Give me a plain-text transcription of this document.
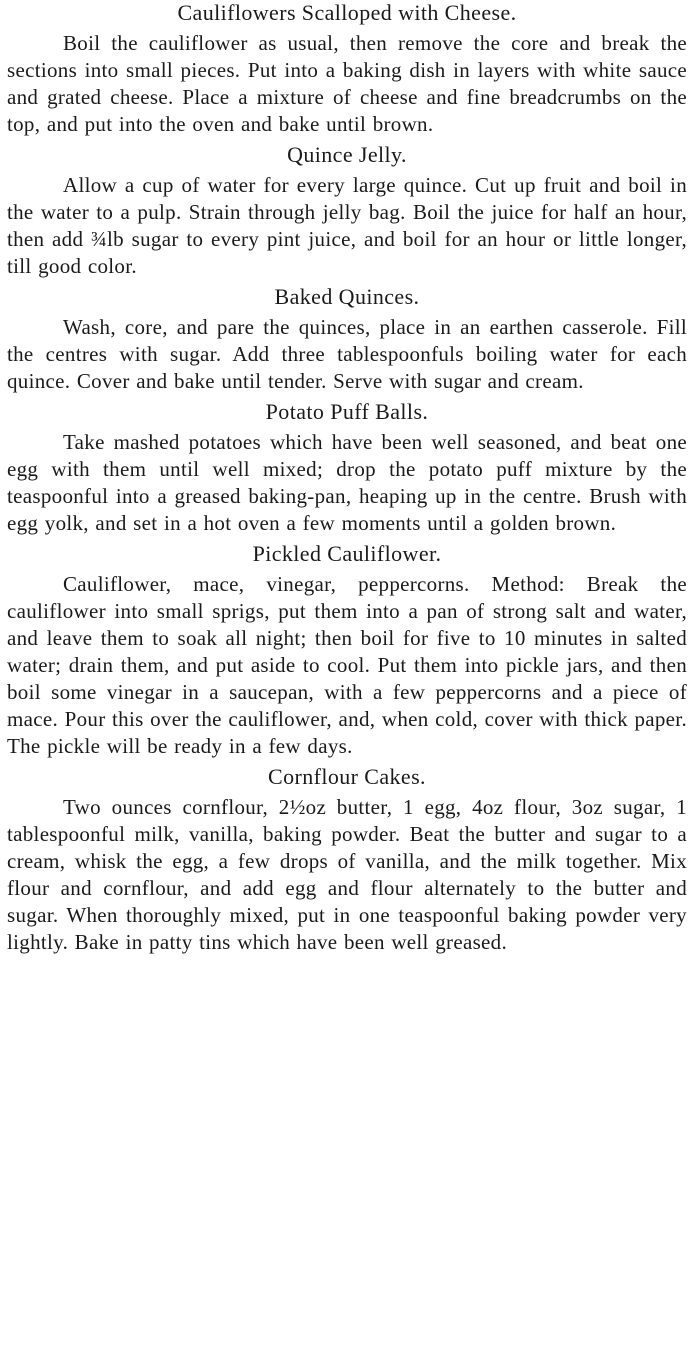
Cauliflowers Scalloped with Cheese.

Boil the cauliflower as usual, then remove the core and break the sections into small pieces. Put into a baking dish in layers with white sauce and grated cheese. Place a mixture of cheese and fine breadcrumbs on the top, and put into the oven and bake until brown.

Quince Jelly.

Allow a cup of water for every large quince. Cut up fruit and boil in the water to a pulp. Strain through jelly bag. Boil the juice for half an hour, then add ¾lb sugar to every pint juice, and boil for an hour or little longer, till good color.

Baked Quinces.

Wash, core, and pare the quinces, place in an earthen casserole. Fill the centres with sugar. Add three tablespoonfuls boiling water for each quince. Cover and bake until tender. Serve with sugar and cream.

Potato Puff Balls.

Take mashed potatoes which have been well seasoned, and beat one egg with them until well mixed; drop the potato puff mixture by the teaspoonful into a greased baking-pan, heaping up in the centre. Brush with egg yolk, and set in a hot oven a few moments until a golden brown.

Pickled Cauliflower.

Cauliflower, mace, vinegar, peppercorns. Method: Break the cauliflower into small sprigs, put them into a pan of strong salt and water, and leave them to soak all night; then boil for five to 10 minutes in salted water; drain them, and put aside to cool. Put them into pickle jars, and then boil some vinegar in a saucepan, with a few peppercorns and a piece of mace. Pour this over the cauliflower, and, when cold, cover with thick paper. The pickle will be ready in a few days.

Cornflour Cakes.

Two ounces cornflour, 2½oz butter, 1 egg, 4oz flour, 3oz sugar, 1 tablespoonful milk, vanilla, baking powder. Beat the butter and sugar to a cream, whisk the egg, a few drops of vanilla, and the milk together. Mix flour and cornflour, and add egg and flour alternately to the butter and sugar. When thoroughly mixed, put in one teaspoonful baking powder very lightly. Bake in patty tins which have been well greased.
